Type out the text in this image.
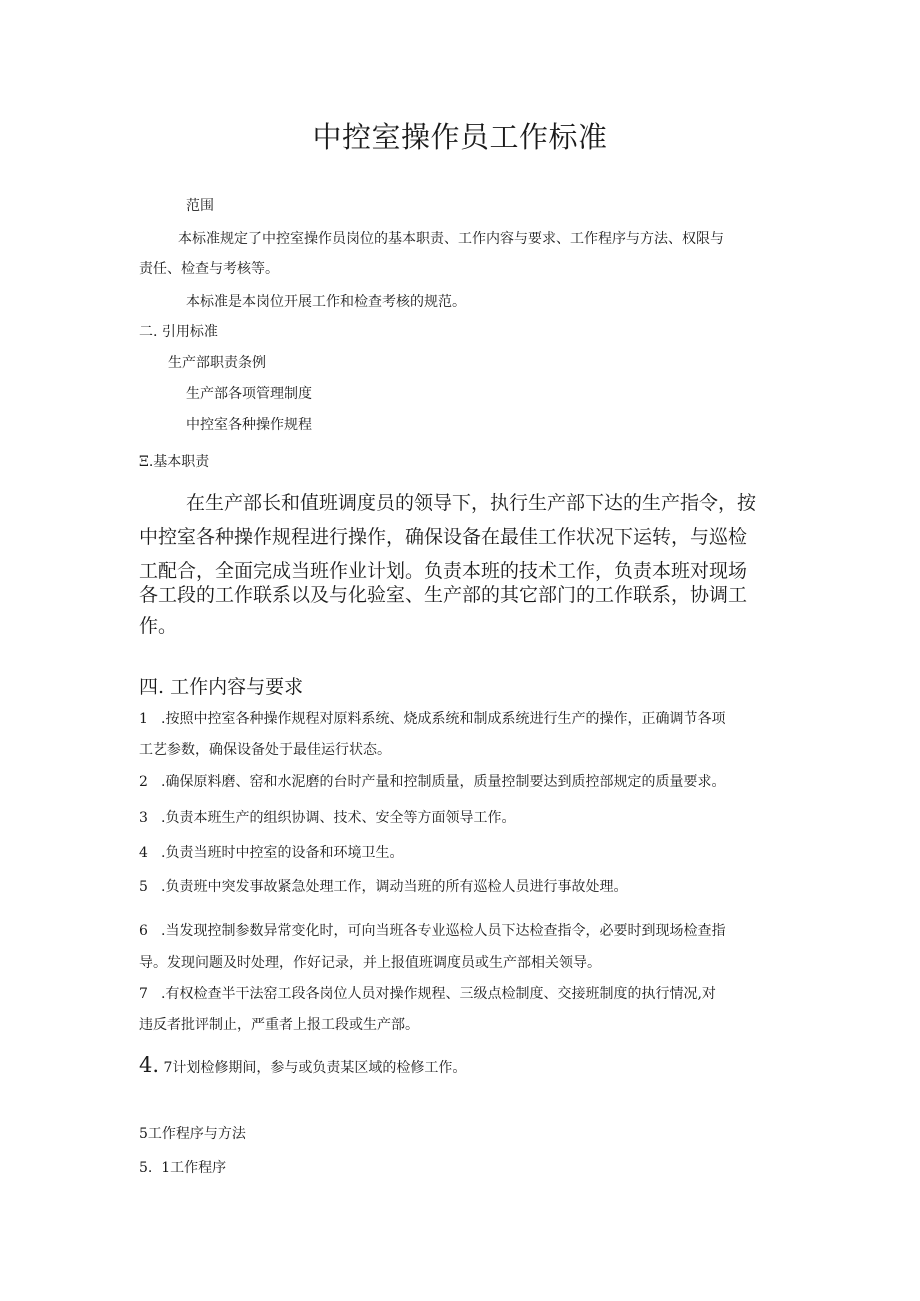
中控室操作员工作标准
范围
本标准规定了中控室操作员岗位的基本职责、工作内容与要求、工作程序与方法、权限与
责任、检查与考核等。
本标准是本岗位开展工作和检查考核的规范。
二. 引用标准
生产部职责条例
生产部各项管理制度
中控室各种操作规程
Ξ.基本职责
在生产部长和值班调度员的领导下，执行生产部下达的生产指令，按
中控室各种操作规程进行操作，确保设备在最佳工作状况下运转，与巡检
工配合，全面完成当班作业计划。负责本班的技术工作，负责本班对现场
各工段的工作联系以及与化验室、生产部的其它部门的工作联系，协调工
作。
四. 工作内容与要求
1 .按照中控室各种操作规程对原料系统、烧成系统和制成系统进行生产的操作，正确调节各项
工艺参数，确保设备处于最佳运行状态。
2 .确保原料磨、窑和水泥磨的台时产量和控制质量，质量控制要达到质控部规定的质量要求。
3 .负责本班生产的组织协调、技术、安全等方面领导工作。
4 .负责当班时中控室的设备和环境卫生。
5 .负责班中突发事故紧急处理工作，调动当班的所有巡检人员进行事故处理。
6 .当发现控制参数异常变化时，可向当班各专业巡检人员下达检查指令，必要时到现场检查指
导。发现问题及时处理，作好记录，并上报值班调度员或生产部相关领导。
7 .有权检查半干法窑工段各岗位人员对操作规程、三级点检制度、交接班制度的执行情况,对
违反者批评制止，严重者上报工段或生产部。
4. 7计划检修期间，参与或负责某区域的检修工作。
5工作程序与方法
5. 1工作程序
